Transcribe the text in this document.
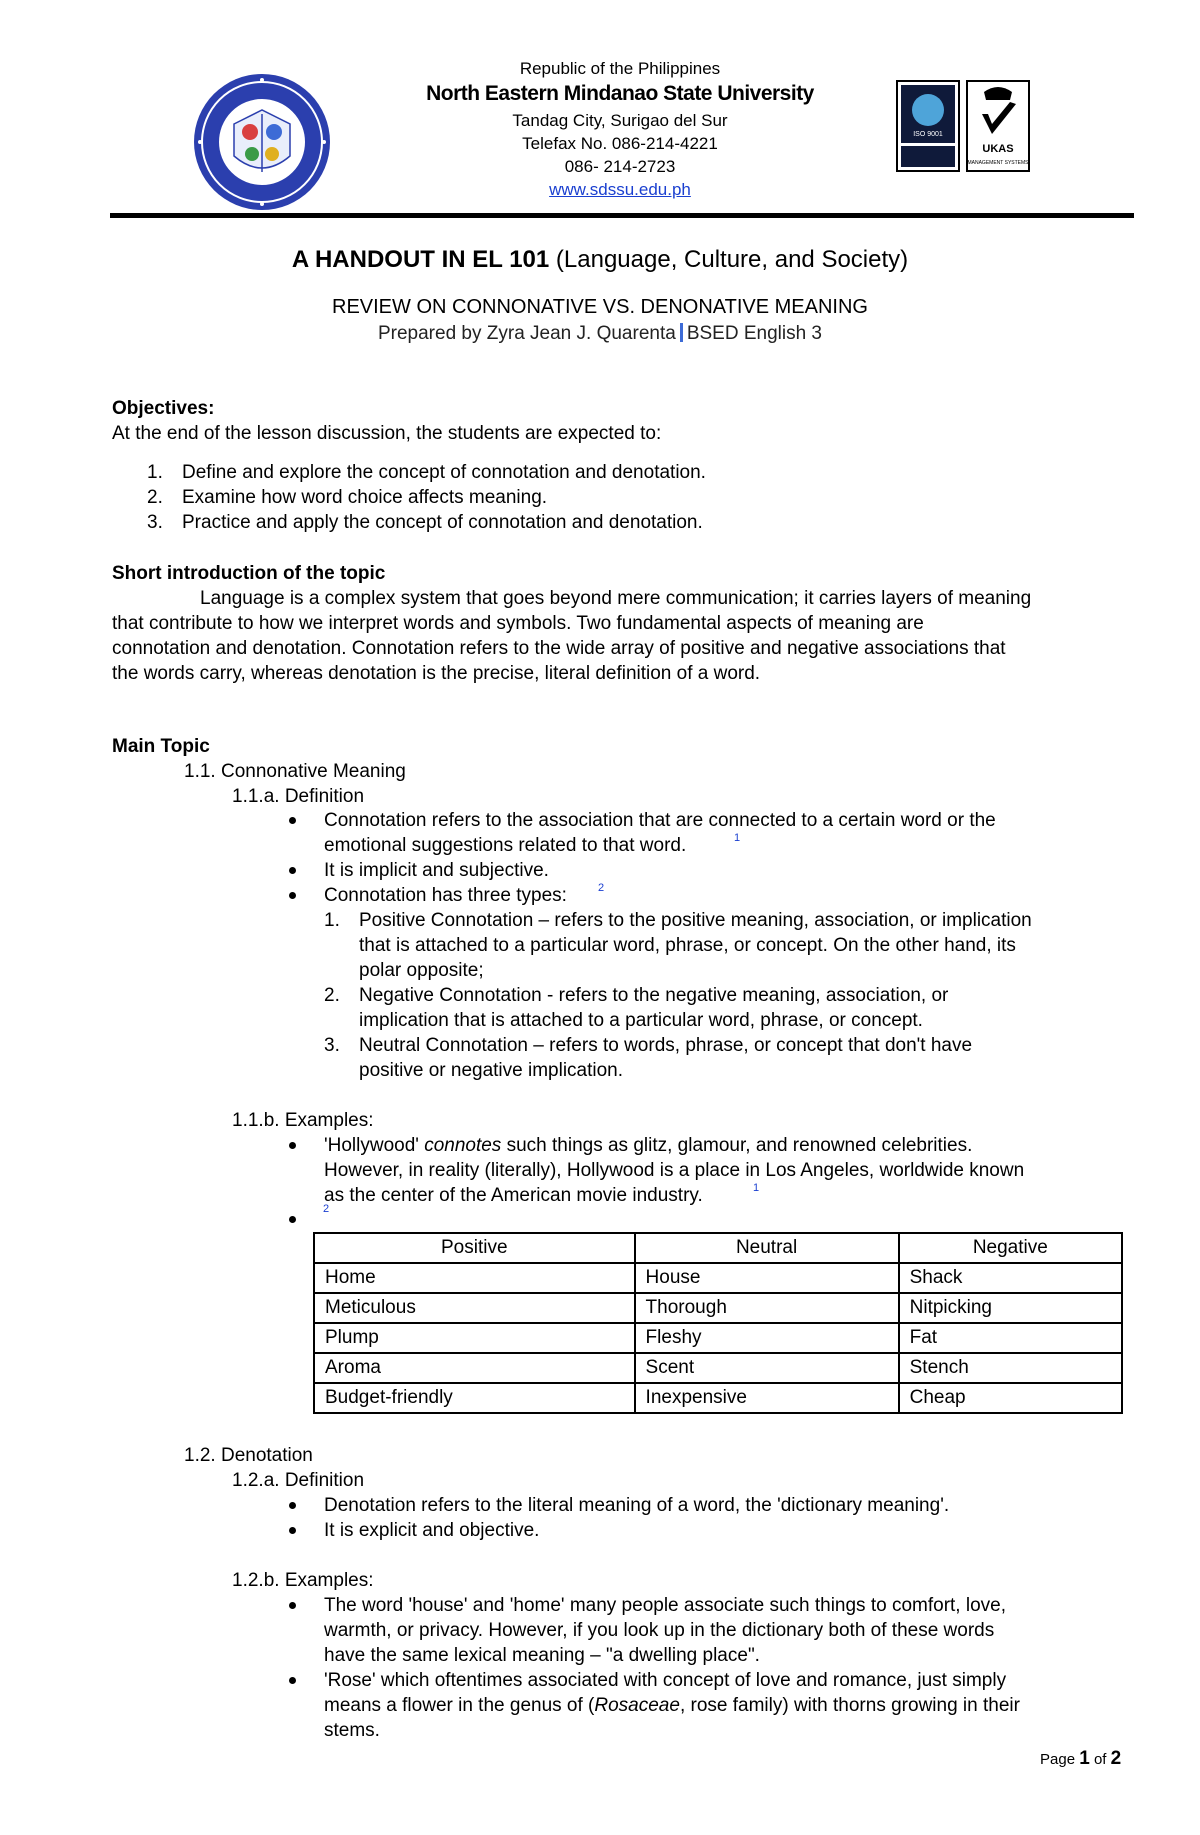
ISO 9001
UKAS
MANAGEMENT SYSTEMS
Republic of the Philippines
North Eastern Mindanao State University
Tandag City, Surigao del Sur
Telefax No. 086-214-4221
086- 214-2723
www.sdssu.edu.ph
A HANDOUT IN EL 101 (Language, Culture, and Society)
REVIEW ON CONNONATIVE VS. DENONATIVE MEANING
Prepared by Zyra Jean J. Quarenta BSED English 3
Objectives:
At the end of the lesson discussion, the students are expected to:
1. Define and explore the concept of connotation and denotation.
2. Examine how word choice affects meaning.
3. Practice and apply the concept of connotation and denotation.
Short introduction of the topic
Language is a complex system that goes beyond mere communication; it carries layers of meaning
that contribute to how we interpret words and symbols. Two fundamental aspects of meaning are
connotation and denotation. Connotation refers to the wide array of positive and negative associations that
the words carry, whereas denotation is the precise, literal definition of a word.
Main Topic
1.1. Connonative Meaning
1.1.a. Definition
Connotation refers to the association that are connected to a certain word or the
emotional suggestions related to that word.	1
It is implicit and subjective.
Connotation has three types:	2
1. Positive Connotation – refers to the positive meaning, association, or implication
that is attached to a particular word, phrase, or concept. On the other hand, its
polar opposite;
2. Negative Connotation - refers to the negative meaning, association, or
implication that is attached to a particular word, phrase, or concept.
3. Neutral Connotation – refers to words, phrase, or concept that don't have
positive or negative implication.
1.1.b. Examples:
'Hollywood' connotes such things as glitz, glamour, and renowned celebrities.
However, in reality (literally), Hollywood is a place in Los Angeles, worldwide known
as the center of the American movie industry.	1
2
Positive	Neutral	Negative
Home	House	Shack
Meticulous	Thorough	Nitpicking
Plump	Fleshy	Fat
Aroma	Scent	Stench
Budget-friendly	Inexpensive	Cheap
1.2. Denotation
1.2.a. Definition
Denotation refers to the literal meaning of a word, the 'dictionary meaning'.
It is explicit and objective.
1.2.b. Examples:
The word 'house' and 'home' many people associate such things to comfort, love,
warmth, or privacy. However, if you look up in the dictionary both of these words
have the same lexical meaning – "a dwelling place".
'Rose' which oftentimes associated with concept of love and romance, just simply
means a flower in the genus of (Rosaceae, rose family) with thorns growing in their
stems.
Page 1 of 2
